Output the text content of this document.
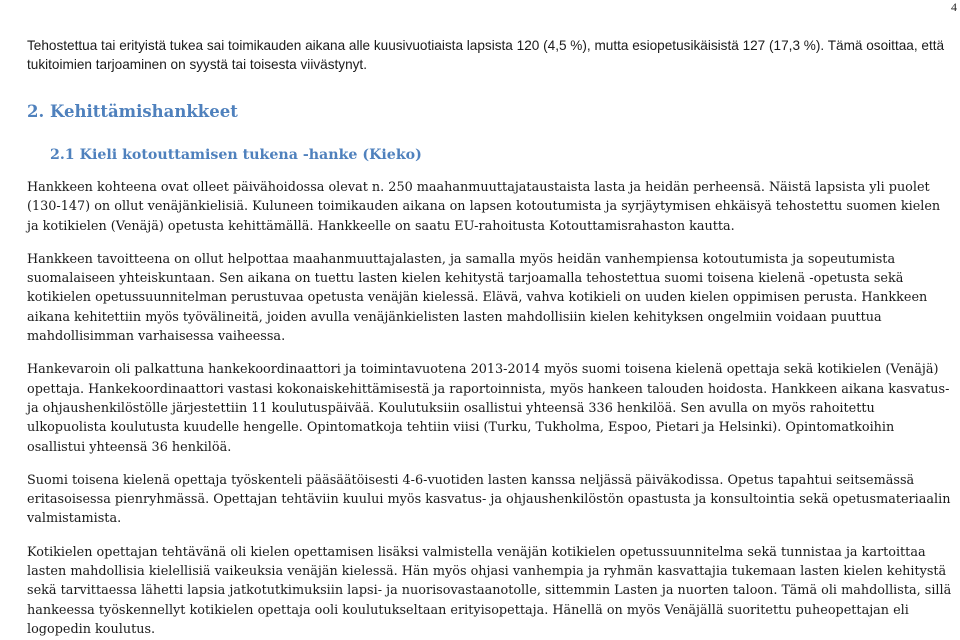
4

Tehostettua tai erityistä tukea sai toimikauden aikana alle kuusivuotiaista lapsista 120 (4,5 %), mutta esiopetusikäisistä 127 (17,3 %). Tämä osoittaa, että tukitoimien tarjoaminen on syystä tai toisesta viivästynyt.

2. Kehittämishankkeet
2.1 Kieli kotouttamisen tukena -hanke (Kieko)

Hankkeen kohteena ovat olleet päivähoidossa olevat n. 250 maahanmuuttajataustaista lasta ja heidän perheensä. Näistä lapsista yli puolet (130-147) on ollut venäjänkielisiä. Kuluneen toimikauden aikana on lapsen kotoutumista ja syrjäytymisen ehkäisyä tehostettu suomen kielen ja kotikielen (Venäjä) opetusta kehittämällä. Hankkeelle on saatu EU-rahoitusta Kotouttamisrahaston kautta.

Hankkeen tavoitteena on ollut helpottaa maahanmuuttajalasten, ja samalla myös heidän vanhempiensa kotoutumista ja sopeutumista suomalaiseen yhteiskuntaan. Sen aikana on tuettu lasten kielen kehitystä tarjoamalla tehostettua suomi toisena kielenä -opetusta sekä kotikielen opetussuunnitelman perustuvaa opetusta venäjän kielessä. Elävä, vahva kotikieli on uuden kielen oppimisen perusta. Hankkeen aikana kehitettiin myös työvälineitä, joiden avulla venäjänkielisten lasten mahdollisiin kielen kehityksen ongelmiin voidaan puuttua mahdollisimman varhaisessa vaiheessa.

Hankevaroin oli palkattuna hankekoordinaattori ja toimintavuotena 2013-2014 myös suomi toisena kielenä opettaja sekä kotikielen (Venäjä) opettaja. Hankekoordinaattori vastasi kokonaiskehittämisestä ja raportoinnista, myös hankeen talouden hoidosta. Hankkeen aikana kasvatus- ja ohjaushenkilöstölle järjestettiin 11 koulutuspäivää. Koulutuksiin osallistui yhteensä 336 henkilöä. Sen avulla on myös rahoitettu ulkopuolista koulutusta kuudelle hengelle. Opintomatkoja tehtiin viisi (Turku, Tukholma, Espoo, Pietari ja Helsinki). Opintomatkoihin osallistui yhteensä 36 henkilöä.

Suomi toisena kielenä opettaja työskenteli pääsäätöisesti 4-6-vuotiden lasten kanssa neljässä päiväkodissa. Opetus tapahtui seitsemässä eritasoisessa pienryhmässä. Opettajan tehtäviin kuului myös kasvatus- ja ohjaushenkilöstön opastusta ja konsultointia sekä opetusmateriaalin valmistamista.

Kotikielen opettajan tehtävänä oli kielen opettamisen lisäksi valmistella venäjän kotikielen opetussuunnitelma sekä tunnistaa ja kartoittaa lasten mahdollisia kielellisiä vaikeuksia venäjän kielessä. Hän myös ohjasi vanhempia ja ryhmän kasvattajia tukemaan lasten kielen kehitystä sekä tarvittaessa lähetti lapsia jatkotutkimuksiin lapsi- ja nuorisovastaanotolle, sittemmin Lasten ja nuorten taloon. Tämä oli mahdollista, sillä hankeessa työskennellyt kotikielen opettaja ooli koulutukseltaan erityisopettaja. Hänellä on myös Venäjällä suoritettu puheopettajan eli logopedin koulutus.
